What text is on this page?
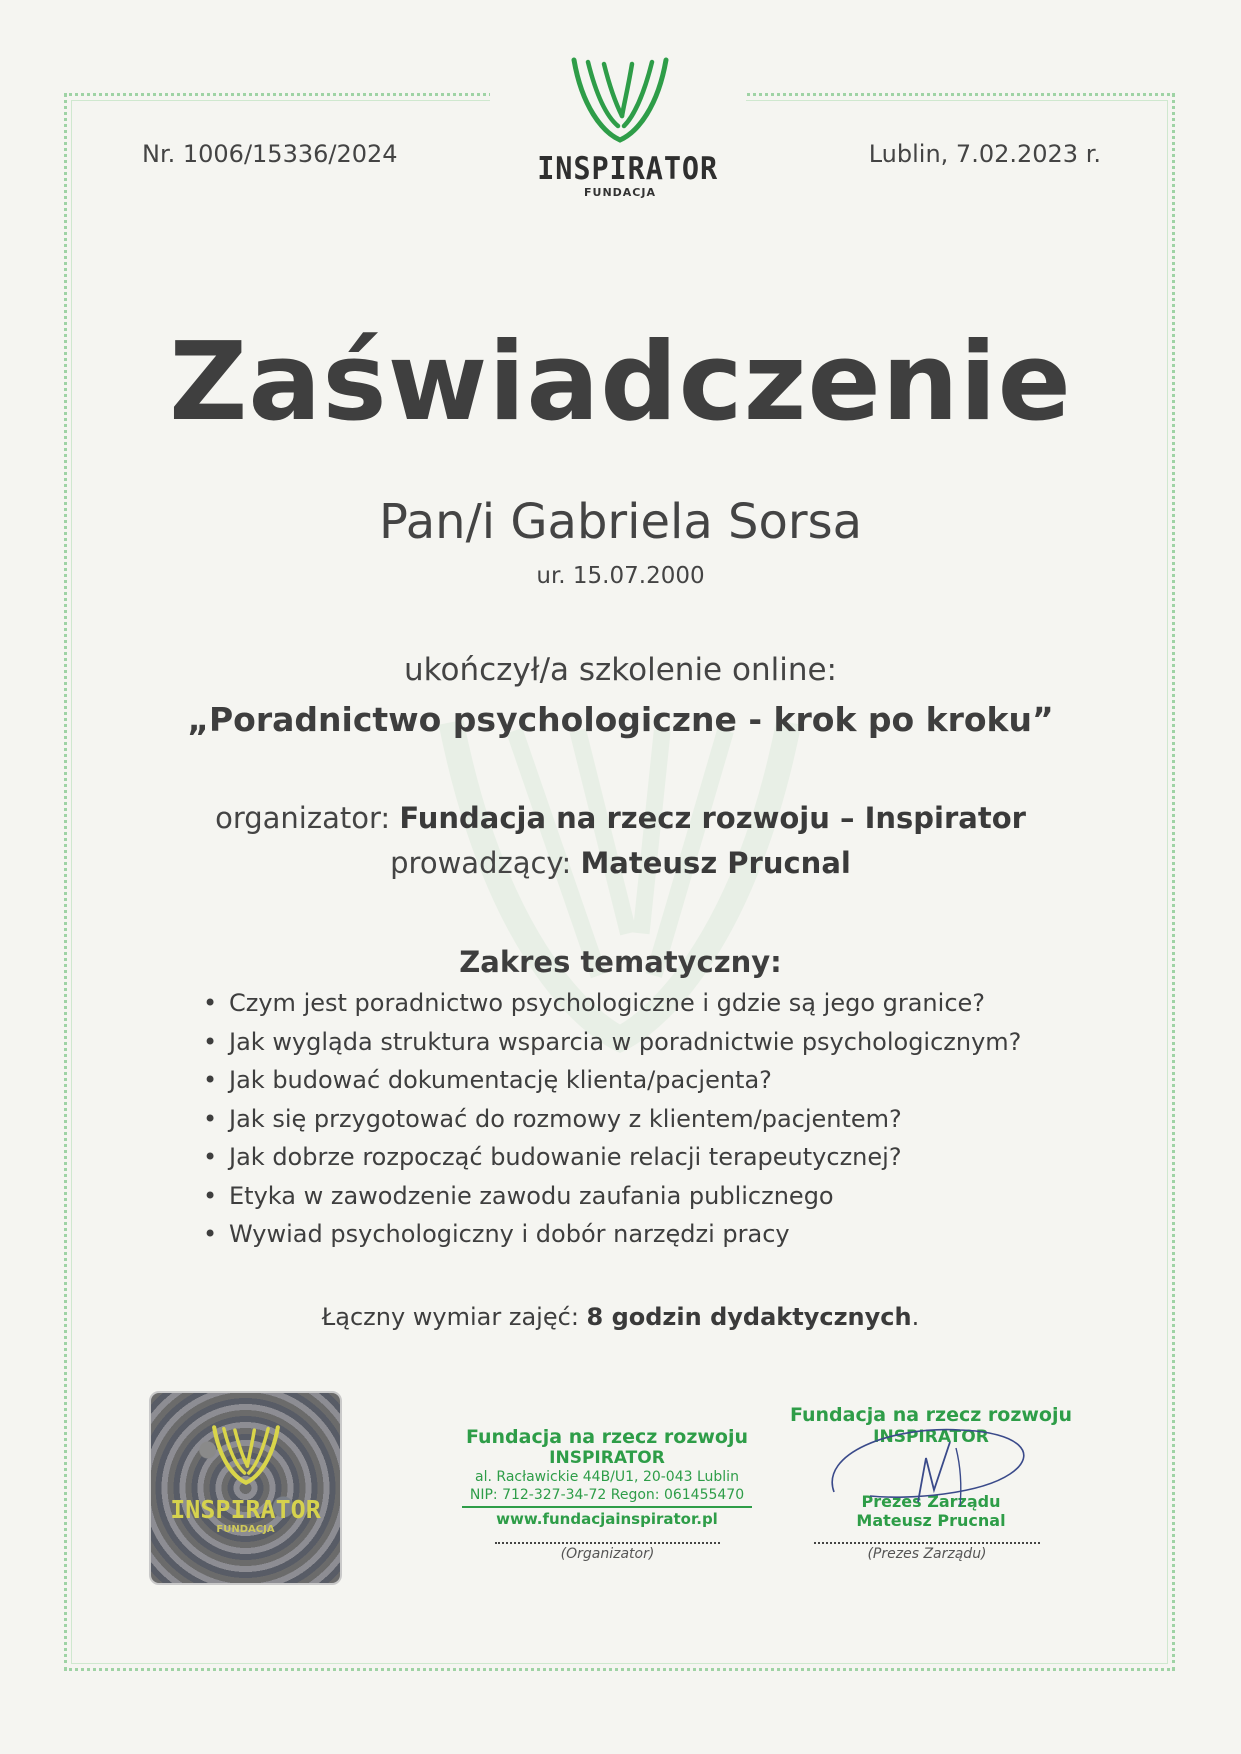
Nr. 1006/15336/2024	Lublin, 7.02.2023 r.
INSPIRATOR
FUNDACJA
Zaświadczenie
Pan/i Gabriela Sorsa
ur. 15.07.2000
ukończył/a szkolenie online:
„Poradnictwo psychologiczne - krok po kroku”
organizator: Fundacja na rzecz rozwoju – Inspirator
prowadzący: Mateusz Prucnal
Zakres tematyczny:
• Czym jest poradnictwo psychologiczne i gdzie są jego granice?
• Jak wygląda struktura wsparcia w poradnictwie psychologicznym?
• Jak budować dokumentację klienta/pacjenta?
• Jak się przygotować do rozmowy z klientem/pacjentem?
• Jak dobrze rozpocząć budowanie relacji terapeutycznej?
• Etyka w zawodzenie zawodu zaufania publicznego
• Wywiad psychologiczny i dobór narzędzi pracy
Łączny wymiar zajęć: 8 godzin dydaktycznych.
INSPIRATOR
FUNDACJA
Fundacja na rzecz rozwoju
INSPIRATOR
al. Racławickie 44B/U1, 20-043 Lublin
NIP: 712-327-34-72 Regon: 061455470
www.fundacjainspirator.pl
(Organizator)
Fundacja na rzecz rozwoju
INSPIRATOR
Prezes Zarządu
Mateusz Prucnal
(Prezes Zarządu)
